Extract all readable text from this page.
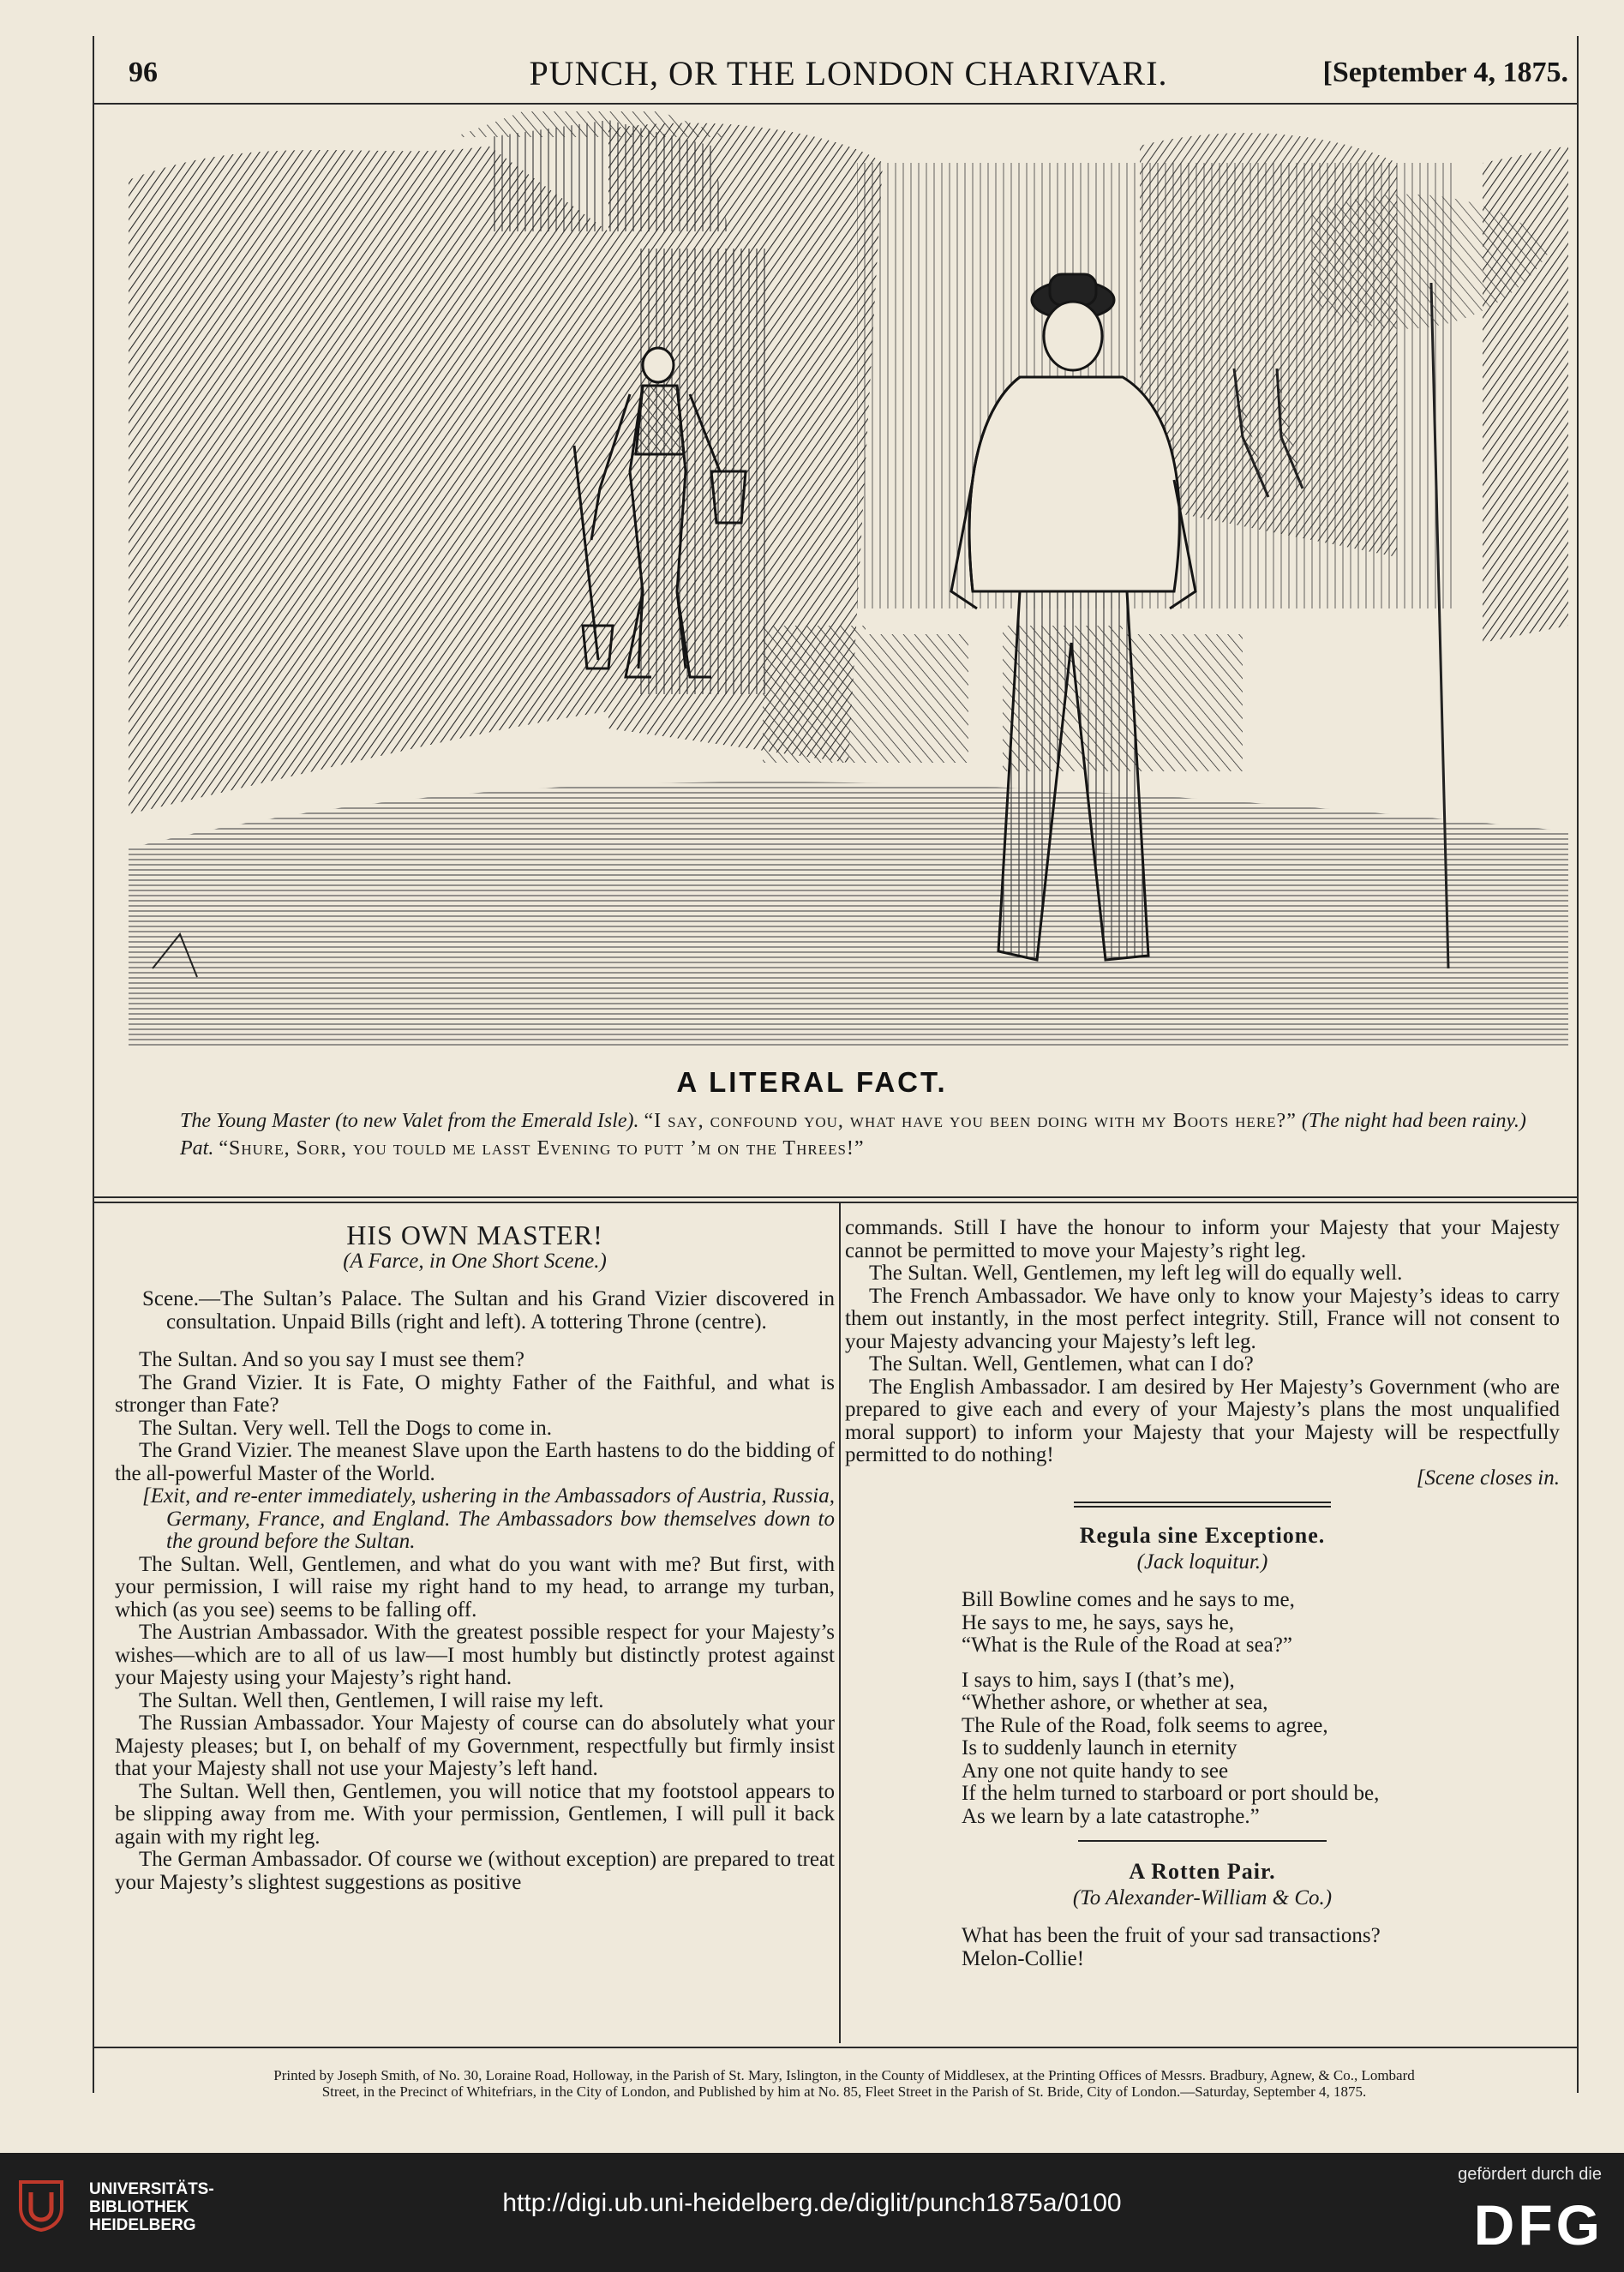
96	PUNCH, OR THE LONDON CHARIVARI.	[September 4, 1875.
A LITERAL FACT.

The Young Master (to new Valet from the Emerald Isle). “I say, confound you, what have you been doing with my Boots here?” (The night had been rainy.)

Pat. “Shure, Sorr, you tould me lasst Evening to putt ’m on the Threes!”

HIS OWN MASTER!

(A Farce, in One Short Scene.)

Scene.—The Sultan’s Palace. The Sultan and his Grand Vizier discovered in consultation. Unpaid Bills (right and left). A tottering Throne (centre).

The Sultan. And so you say I must see them?

The Grand Vizier. It is Fate, O mighty Father of the Faithful, and what is stronger than Fate?

The Sultan. Very well. Tell the Dogs to come in.

The Grand Vizier. The meanest Slave upon the Earth hastens to do the bidding of the all-powerful Master of the World.

[Exit, and re-enter immediately, ushering in the Ambassadors of Austria, Russia, Germany, France, and England. The Ambassadors bow themselves down to the ground before the Sultan.

The Sultan. Well, Gentlemen, and what do you want with me? But first, with your permission, I will raise my right hand to my head, to arrange my turban, which (as you see) seems to be falling off.

The Austrian Ambassador. With the greatest possible respect for your Majesty’s wishes—which are to all of us law—I most humbly but distinctly protest against your Majesty using your Majesty’s right hand.

The Sultan. Well then, Gentlemen, I will raise my left.

The Russian Ambassador. Your Majesty of course can do absolutely what your Majesty pleases; but I, on behalf of my Government, respectfully but firmly insist that your Majesty shall not use your Majesty’s left hand.

The Sultan. Well then, Gentlemen, you will notice that my footstool appears to be slipping away from me. With your permission, Gentlemen, I will pull it back again with my right leg.

The German Ambassador. Of course we (without exception) are prepared to treat your Majesty’s slightest suggestions as positive

commands. Still I have the honour to inform your Majesty that your Majesty cannot be permitted to move your Majesty’s right leg.

The Sultan. Well, Gentlemen, my left leg will do equally well.

The French Ambassador. We have only to know your Majesty’s ideas to carry them out instantly, in the most perfect integrity. Still, France will not consent to your Majesty advancing your Majesty’s left leg.

The Sultan. Well, Gentlemen, what can I do?

The English Ambassador. I am desired by Her Majesty’s Government (who are prepared to give each and every of your Majesty’s plans the most unqualified moral support) to inform your Majesty that your Majesty will be respectfully permitted to do nothing!

[Scene closes in.

Regula sine Exceptione.

(Jack loquitur.)

Bill Bowline comes and he says to me,
He says to me, he says, says he,
“What is the Rule of the Road at sea?”
I says to him, says I (that’s me),
“Whether ashore, or whether at sea,
The Rule of the Road, folk seems to agree,
Is to suddenly launch in eternity
Any one not quite handy to see
If the helm turned to starboard or port should be,
As we learn by a late catastrophe.”
A Rotten Pair.

(To Alexander-William & Co.)

What has been the fruit of your sad transactions?
Melon-Collie!
Printed by Joseph Smith, of No. 30, Loraine Road, Holloway, in the Parish of St. Mary, Islington, in the County of Middlesex, at the Printing Offices of Messrs. Bradbury, Agnew, & Co., Lombard
Street, in the Precinct of Whitefriars, in the City of London, and Published by him at No. 85, Fleet Street in the Parish of St. Bride, City of London.—Saturday, September 4, 1875.
UNIVERSITÄTS-
BIBLIOTHEK
HEIDELBERG
http://digi.ub.uni-heidelberg.de/diglit/punch1875a/0100
gefördert durch die
DFG
